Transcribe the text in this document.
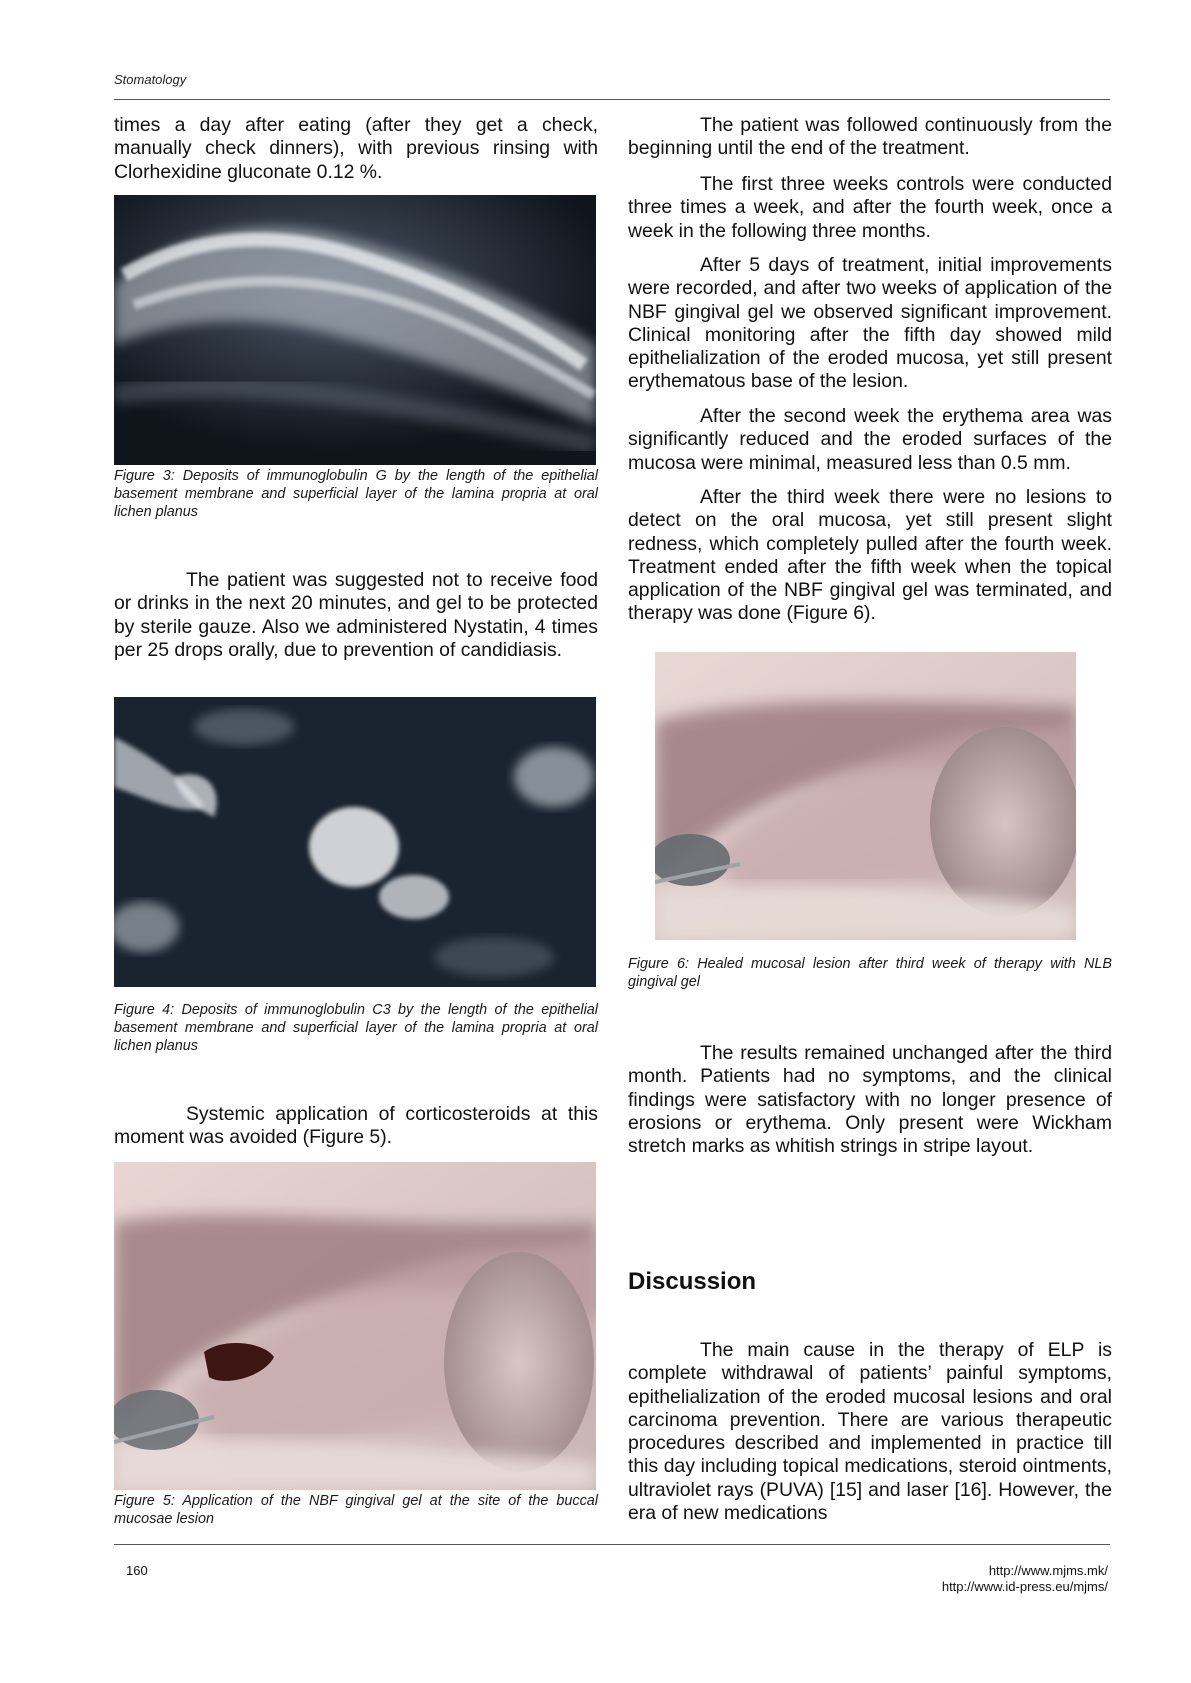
Stomatology

times a day after eating (after they get a check, manually check dinners), with previous rinsing with Clorhexidine gluconate 0.12 %.

Figure 3: Deposits of immunoglobulin G by the length of the epithelial basement membrane and superficial layer of the lamina propria at oral lichen planus

The patient was suggested not to receive food or drinks in the next 20 minutes, and gel to be protected by sterile gauze. Also we administered Nystatin, 4 times per 25 drops orally, due to prevention of candidiasis.

Figure 4: Deposits of immunoglobulin C3 by the length of the epithelial basement membrane and superficial layer of the lamina propria at oral lichen planus

Systemic application of corticosteroids at this moment was avoided (Figure 5).

Figure 5: Application of the NBF gingival gel at the site of the buccal mucosae lesion

The patient was followed continuously from the beginning until the end of the treatment.

The first three weeks controls were conducted three times a week, and after the fourth week, once a week in the following three months.

After 5 days of treatment, initial improvements were recorded, and after two weeks of application of the NBF gingival gel we observed significant improvement. Clinical monitoring after the fifth day showed mild epithelialization of the eroded mucosa, yet still present erythematous base of the lesion.

After the second week the erythema area was significantly reduced and the eroded surfaces of the mucosa were minimal, measured less than 0.5 mm.

After the third week there were no lesions to detect on the oral mucosa, yet still present slight redness, which completely pulled after the fourth week. Treatment ended after the fifth week when the topical application of the NBF gingival gel was terminated, and therapy was done (Figure 6).

Figure 6: Healed mucosal lesion after third week of therapy with NLB gingival gel

The results remained unchanged after the third month. Patients had no symptoms, and the clinical findings were satisfactory with no longer presence of erosions or erythema. Only present were Wickham stretch marks as whitish strings in stripe layout.

Discussion

The main cause in the therapy of ELP is complete withdrawal of patients’ painful symptoms, epithelialization of the eroded mucosal lesions and oral carcinoma prevention. There are various therapeutic procedures described and implemented in practice till this day including topical medications, steroid ointments, ultraviolet rays (PUVA) [15] and laser [16]. However, the era of new medications

160	http://www.mjms.mk/
http://www.id-press.eu/mjms/
